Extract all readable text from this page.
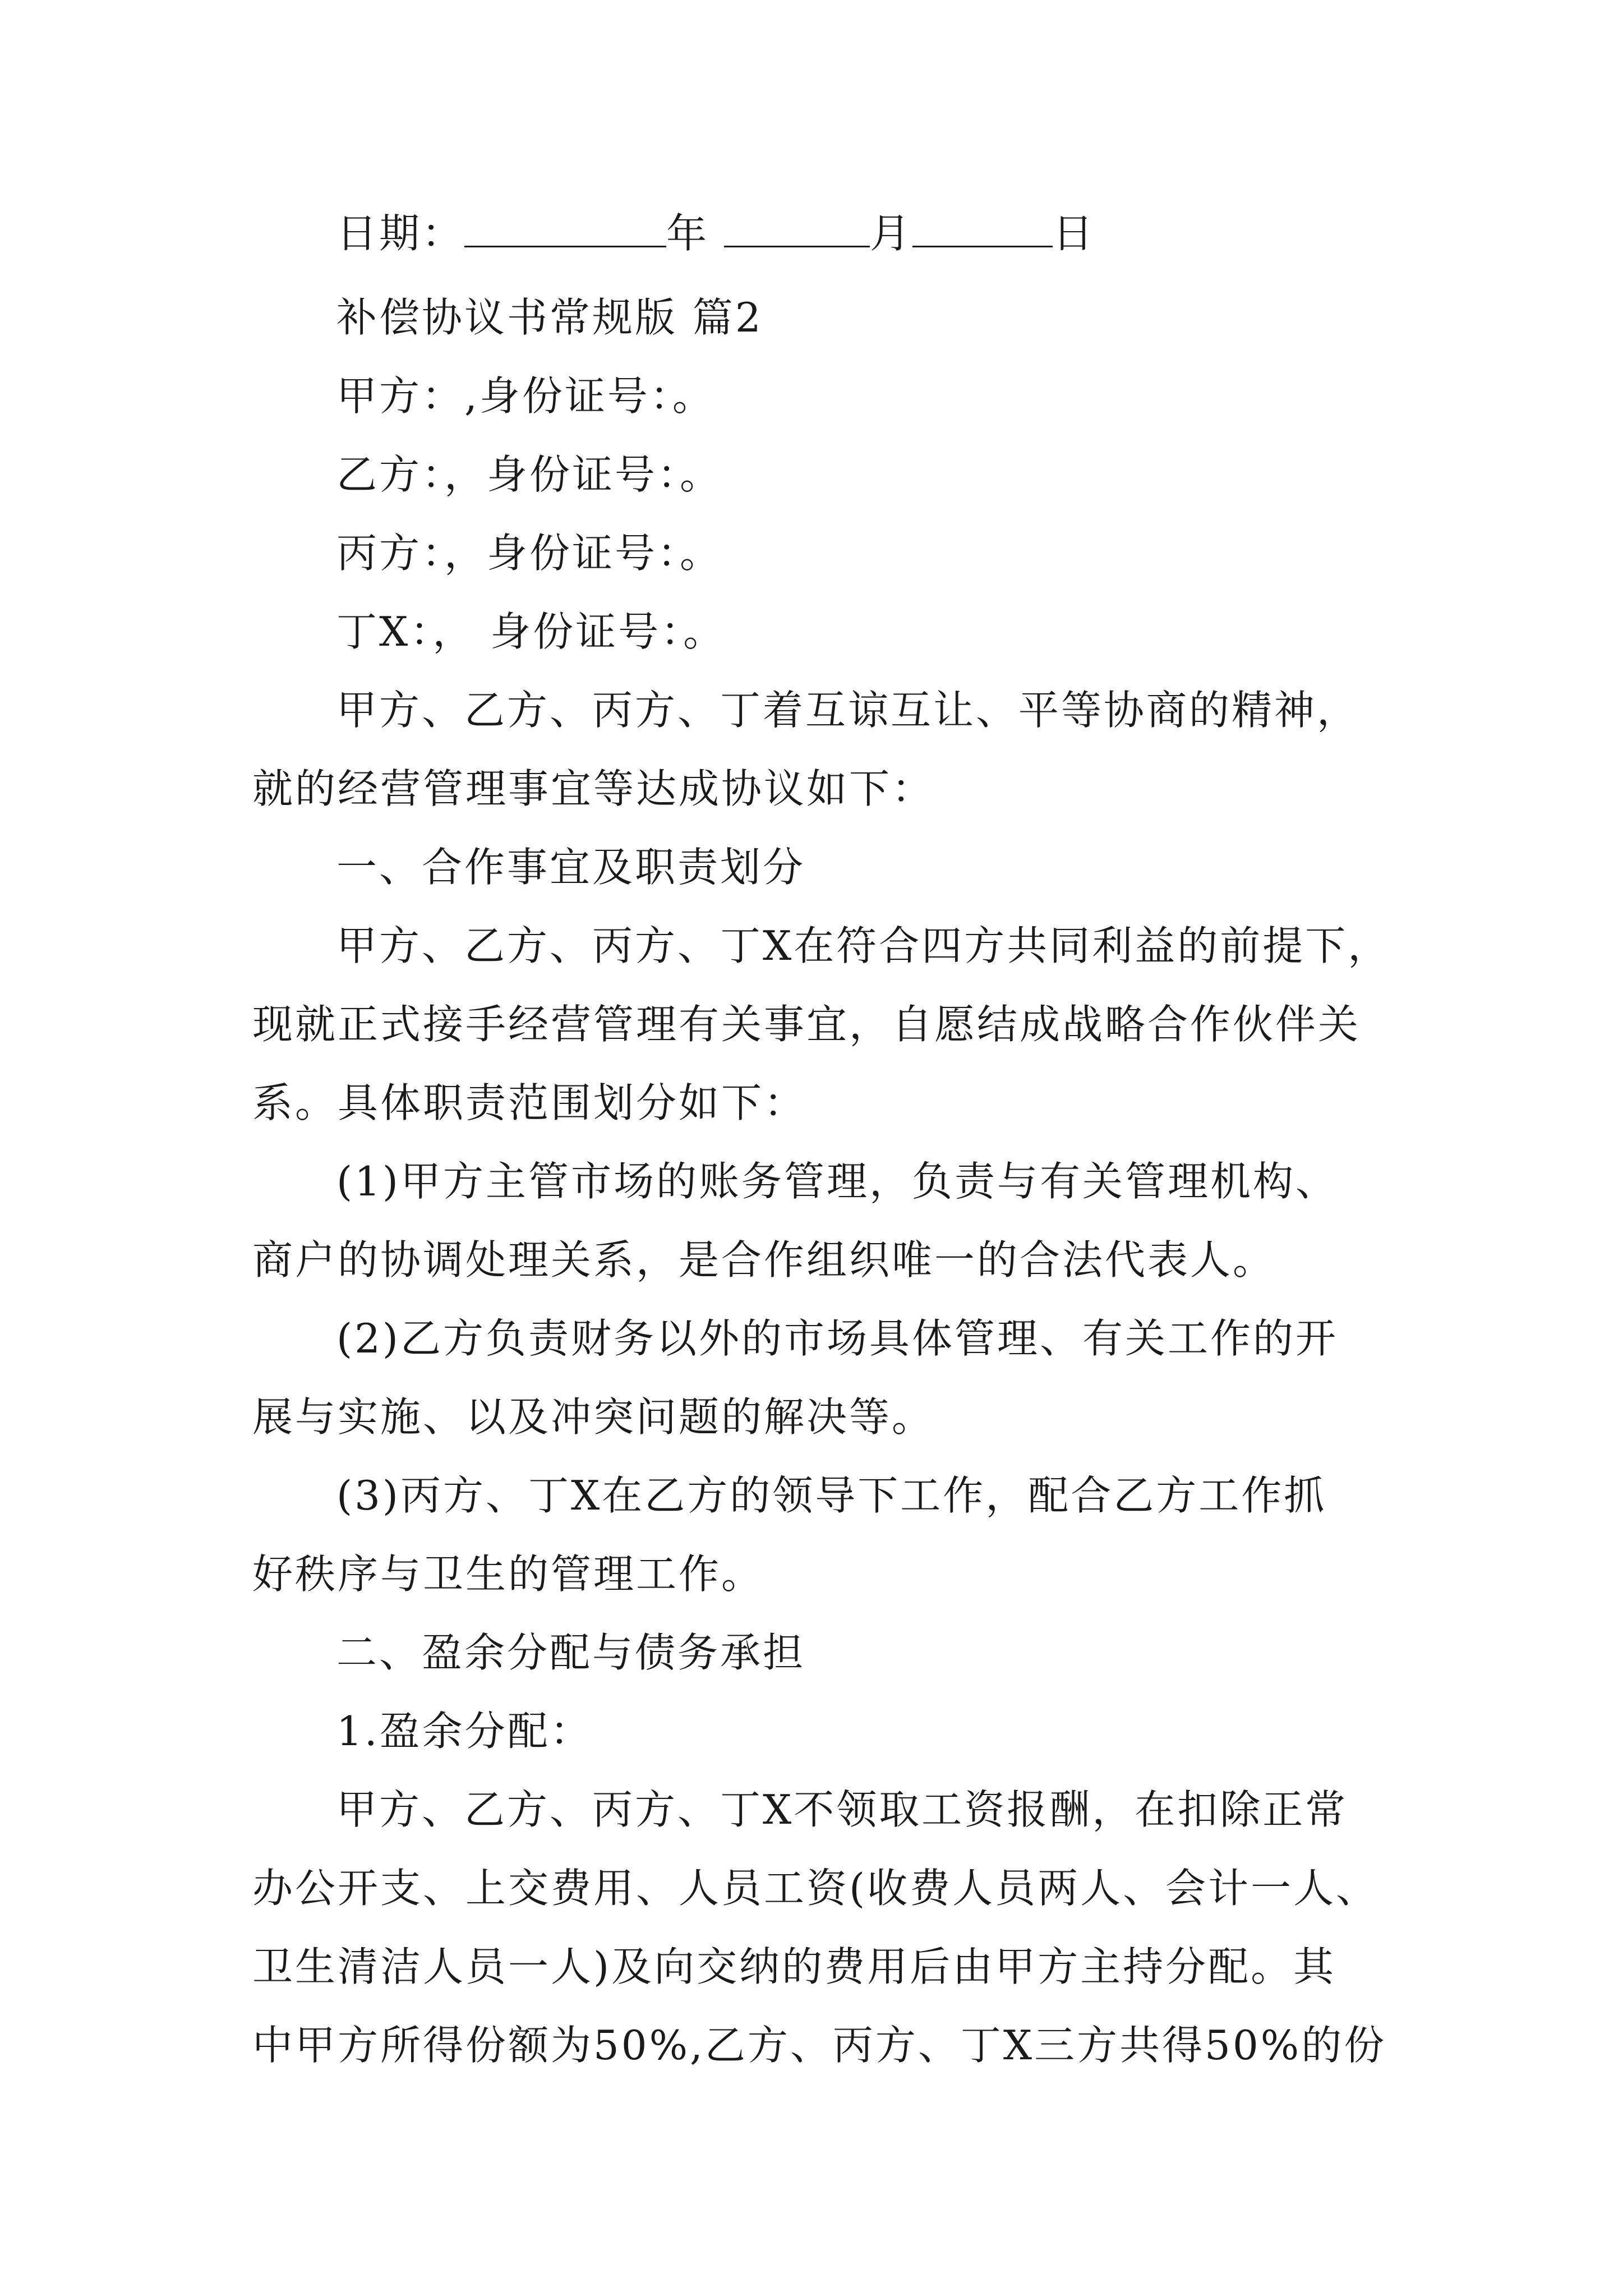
日期：	年	月	日
补偿协议书常规版 篇2
甲方：,身份证号：。
乙方：，身份证号：。
丙方：，身份证号：。
丁X：， 身份证号：。
甲方、乙方、丙方、丁着互谅互让、平等协商的精神，
就的经营管理事宜等达成协议如下：
一、合作事宜及职责划分
甲方、乙方、丙方、丁X在符合四方共同利益的前提下，
现就正式接手经营管理有关事宜，自愿结成战略合作伙伴关
系。具体职责范围划分如下：
(1)甲方主管市场的账务管理，负责与有关管理机构、
商户的协调处理关系，是合作组织唯一的合法代表人。
(2)乙方负责财务以外的市场具体管理、有关工作的开
展与实施、以及冲突问题的解决等。
(3)丙方、丁X在乙方的领导下工作，配合乙方工作抓
好秩序与卫生的管理工作。
二、盈余分配与债务承担
1.盈余分配：
甲方、乙方、丙方、丁X不领取工资报酬，在扣除正常
办公开支、上交费用、人员工资(收费人员两人、会计一人、
卫生清洁人员一人)及向交纳的费用后由甲方主持分配。其
中甲方所得份额为50%,乙方、丙方、丁X三方共得50%的份
